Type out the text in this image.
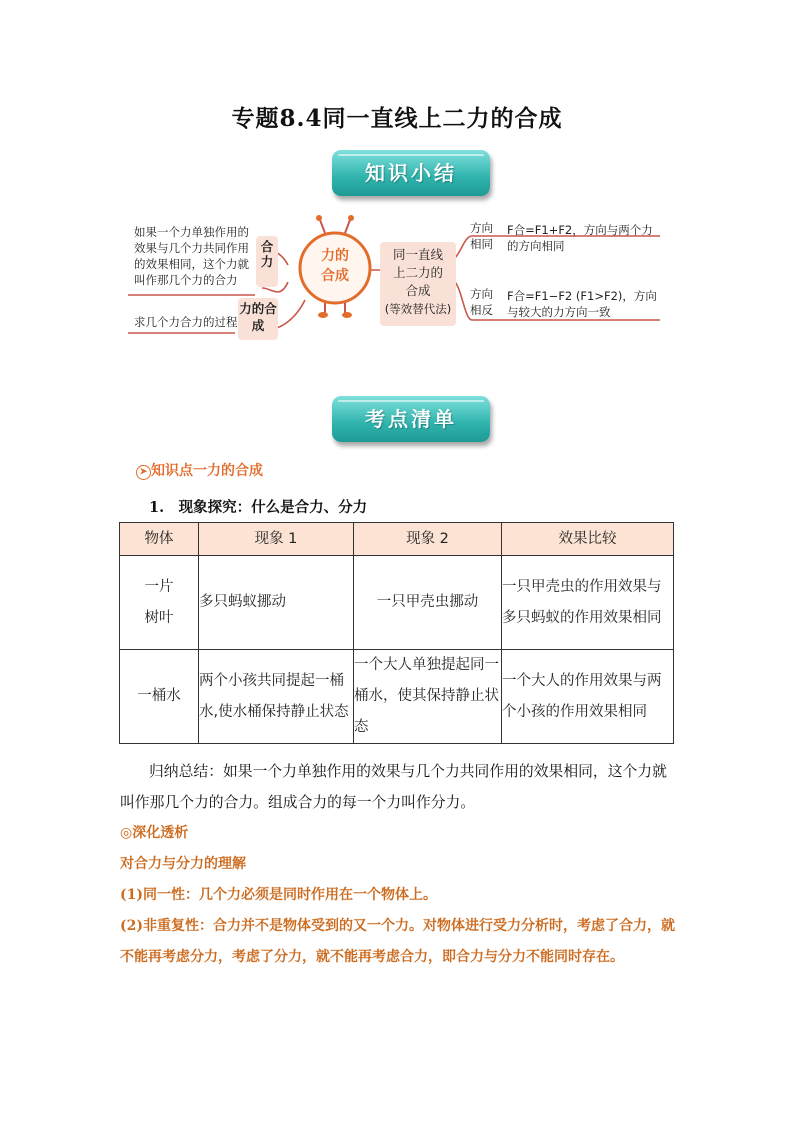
专题8.4同一直线上二力的合成
知识小结
如果一个力单独作用的
效果与几个力共同作用
的效果相同，这个力就
叫作那几个力的合力
合力
求几个力合力的过程
力的合成
力的合成
同一直线
上二力的
合成
(等效替代法)
方向相同
F合=F1+F2，方向与两个力的方向相同
方向相反
F合=F1−F2 (F1>F2)，方向与较大的力方向一致
考点清单
➤ 知识点一力的合成
1.　现象探究：什么是合力、分力
物体	现象 1	现象 2	效果比较
一片树叶	多只蚂蚁挪动	一只甲壳虫挪动	一只甲壳虫的作用效果与多只蚂蚁的作用效果相同
一桶水	两个小孩共同提起一桶水,使水桶保持静止状态	一个大人单独提起同一桶水，使其保持静止状态	一个大人的作用效果与两个小孩的作用效果相同
归纳总结：如果一个力单独作用的效果与几个力共同作用的效果相同，这个力就叫作那几个力的合力。组成合力的每一个力叫作分力。
◎深化透析
对合力与分力的理解
(1)同一性：几个力必须是同时作用在一个物体上。
(2)非重复性：合力并不是物体受到的又一个力。对物体进行受力分析时，考虑了合力，就不能再考虑分力，考虑了分力，就不能再考虑合力，即合力与分力不能同时存在。
